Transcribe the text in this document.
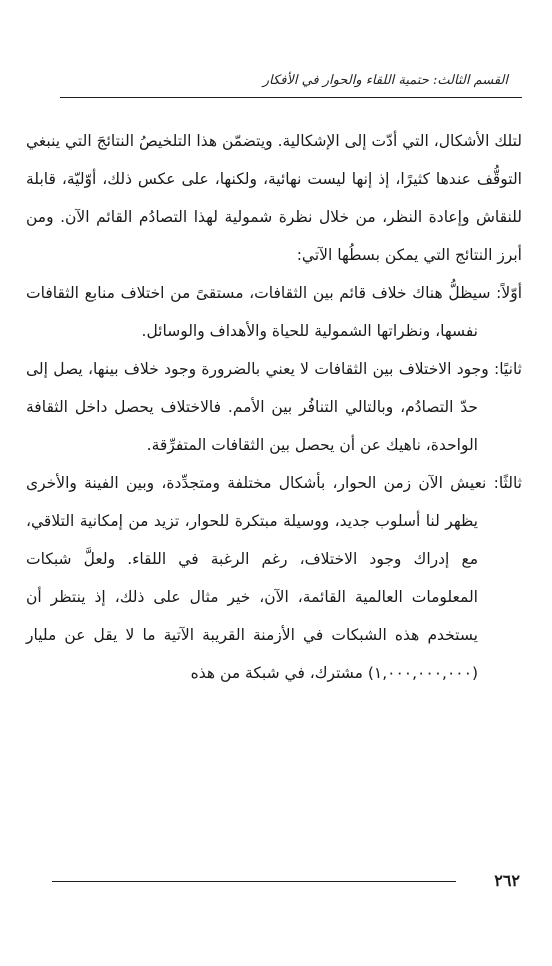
القسم الثالث: حتمية اللقاء والحوار في الأفكار

لتلك الأشكال، التي أدّت إلى الإشكالية. ويتضمّن هذا التلخيصُ النتائجَ التي ينبغي التوقُّف عندها كثيرًا، إذ إنها ليست نهائية، ولكنها، على عكس ذلك، أوّليّة، قابلة للنقاش وإعادة النظر، من خلال نظرة شمولية لهذا التصادُم القائم الآن. ومن أبرز النتائج التي يمكن بسطُها الآتي:

أوّلاً: سيظلُّ هناك خلاف قائم بين الثقافات، مستقىً من اختلاف منابع الثقافات نفسها، ونظراتها الشمولية للحياة والأهداف والوسائل.

ثانيًا: وجود الاختلاف بين الثقافات لا يعني بالضرورة وجود خلاف بينها، يصل إلى حدّ التصادُم، وبالتالي التنافُر بين الأمم. فالاختلاف يحصل داخل الثقافة الواحدة، ناهيك عن أن يحصل بين الثقافات المتفرِّقة.

ثالثًا: نعيش الآن زمن الحوار، بأشكال مختلفة ومتجدِّدة، وبين الفينة والأخرى يظهر لنا أسلوب جديد، ووسيلة مبتكرة للحوار، تزيد من إمكانية التلاقي، مع إدراك وجود الاختلاف، رغم الرغبة في اللقاء. ولعلَّ شبكات المعلومات العالمية القائمة، الآن، خير مثال على ذلك، إذ ينتظر أن يستخدم هذه الشبكات في الأزمنة القريبة الآتية ما لا يقل عن مليار (١,٠٠٠,٠٠٠,٠٠٠) مشترك، في شبكة من هذه

٢٦٢
